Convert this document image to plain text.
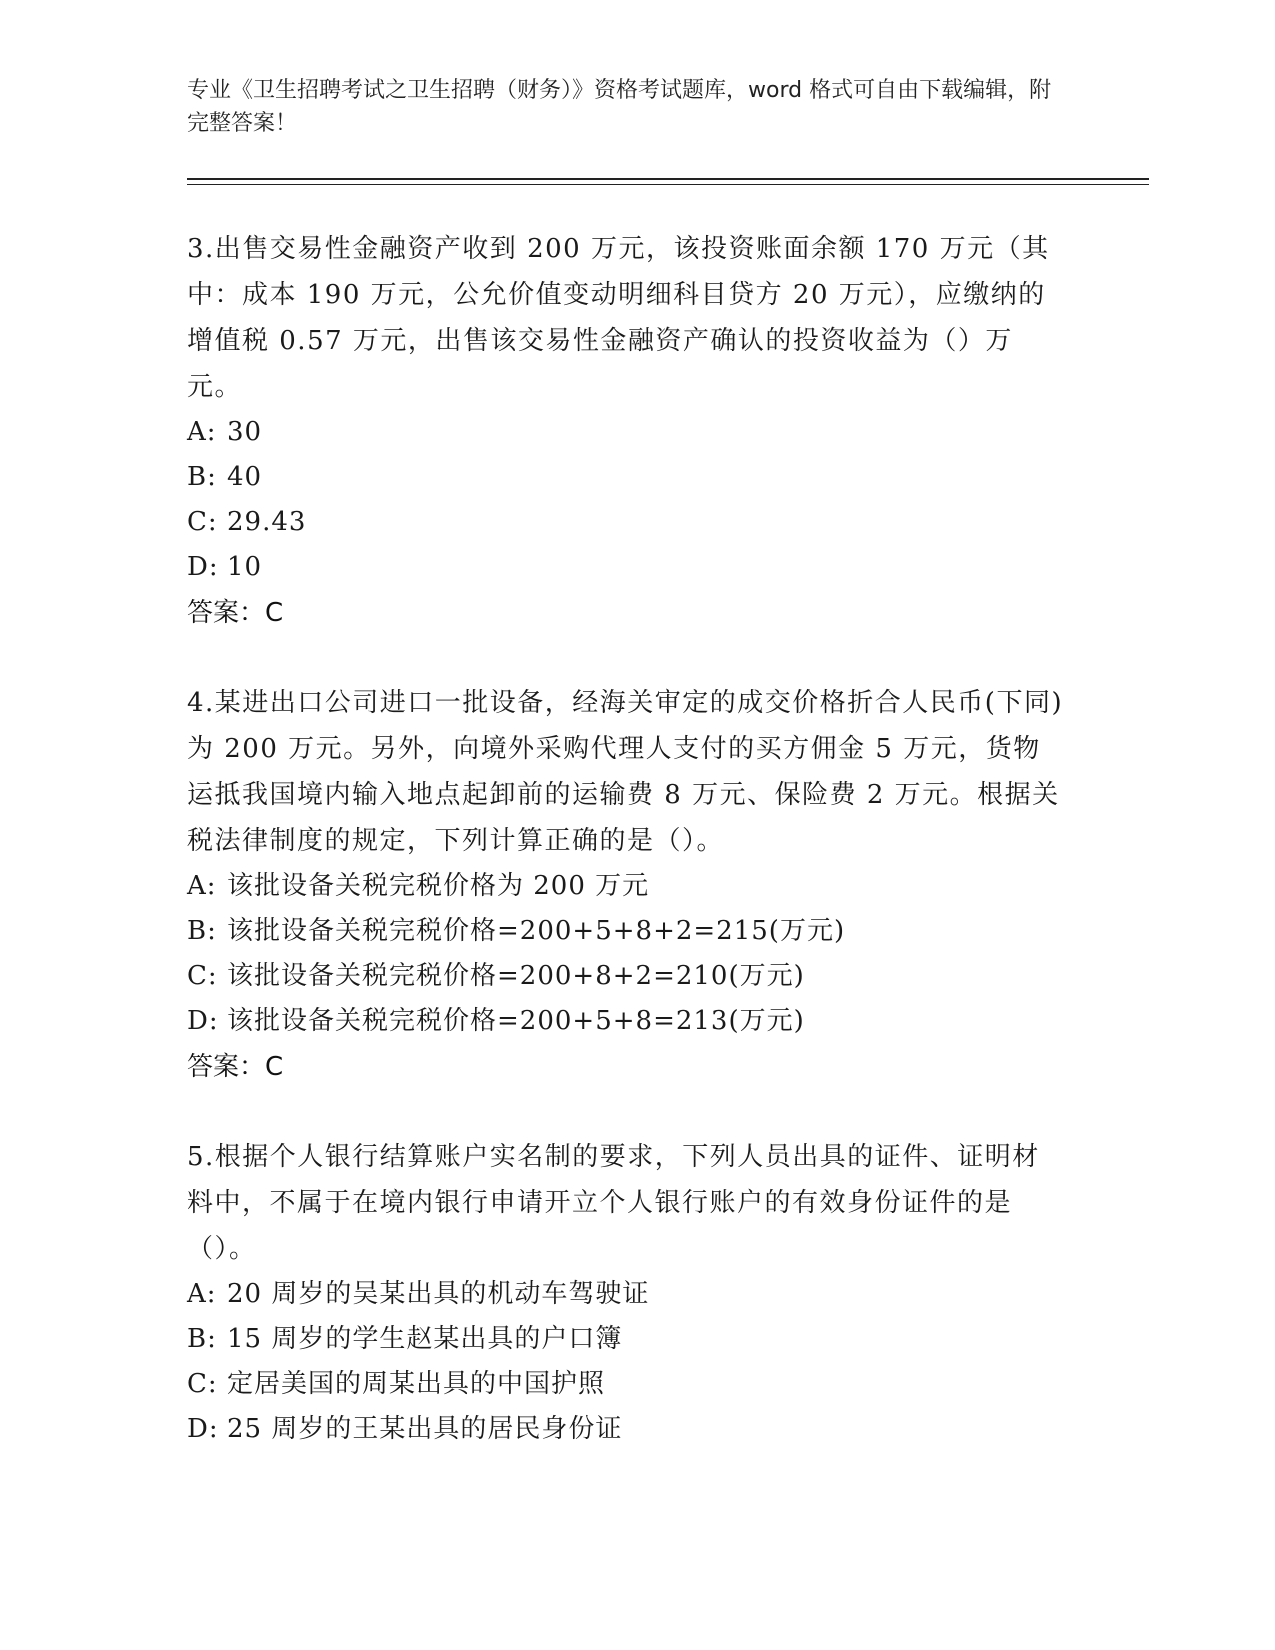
专业《卫生招聘考试之卫生招聘（财务）》资格考试题库，word 格式可自由下载编辑，附完整答案！

3.出售交易性金融资产收到 200 万元，该投资账面余额 170 万元（其中：成本 190 万元，公允价值变动明细科目贷方 20 万元），应缴纳的增值税 0.57 万元，出售该交易性金融资产确认的投资收益为（）万元。

A: 30

B: 40

C: 29.43

D: 10

答案：C

4.某进出口公司进口一批设备，经海关审定的成交价格折合人民币(下同)为 200 万元。另外，向境外采购代理人支付的买方佣金 5 万元，货物运抵我国境内输入地点起卸前的运输费 8 万元、保险费 2 万元。根据关税法律制度的规定，下列计算正确的是（）。

A: 该批设备关税完税价格为 200 万元

B: 该批设备关税完税价格=200+5+8+2=215(万元)

C: 该批设备关税完税价格=200+8+2=210(万元)

D: 该批设备关税完税价格=200+5+8=213(万元)

答案：C

5.根据个人银行结算账户实名制的要求，下列人员出具的证件、证明材料中，不属于在境内银行申请开立个人银行账户的有效身份证件的是（）。

A: 20 周岁的吴某出具的机动车驾驶证

B: 15 周岁的学生赵某出具的户口簿

C: 定居美国的周某出具的中国护照

D: 25 周岁的王某出具的居民身份证
